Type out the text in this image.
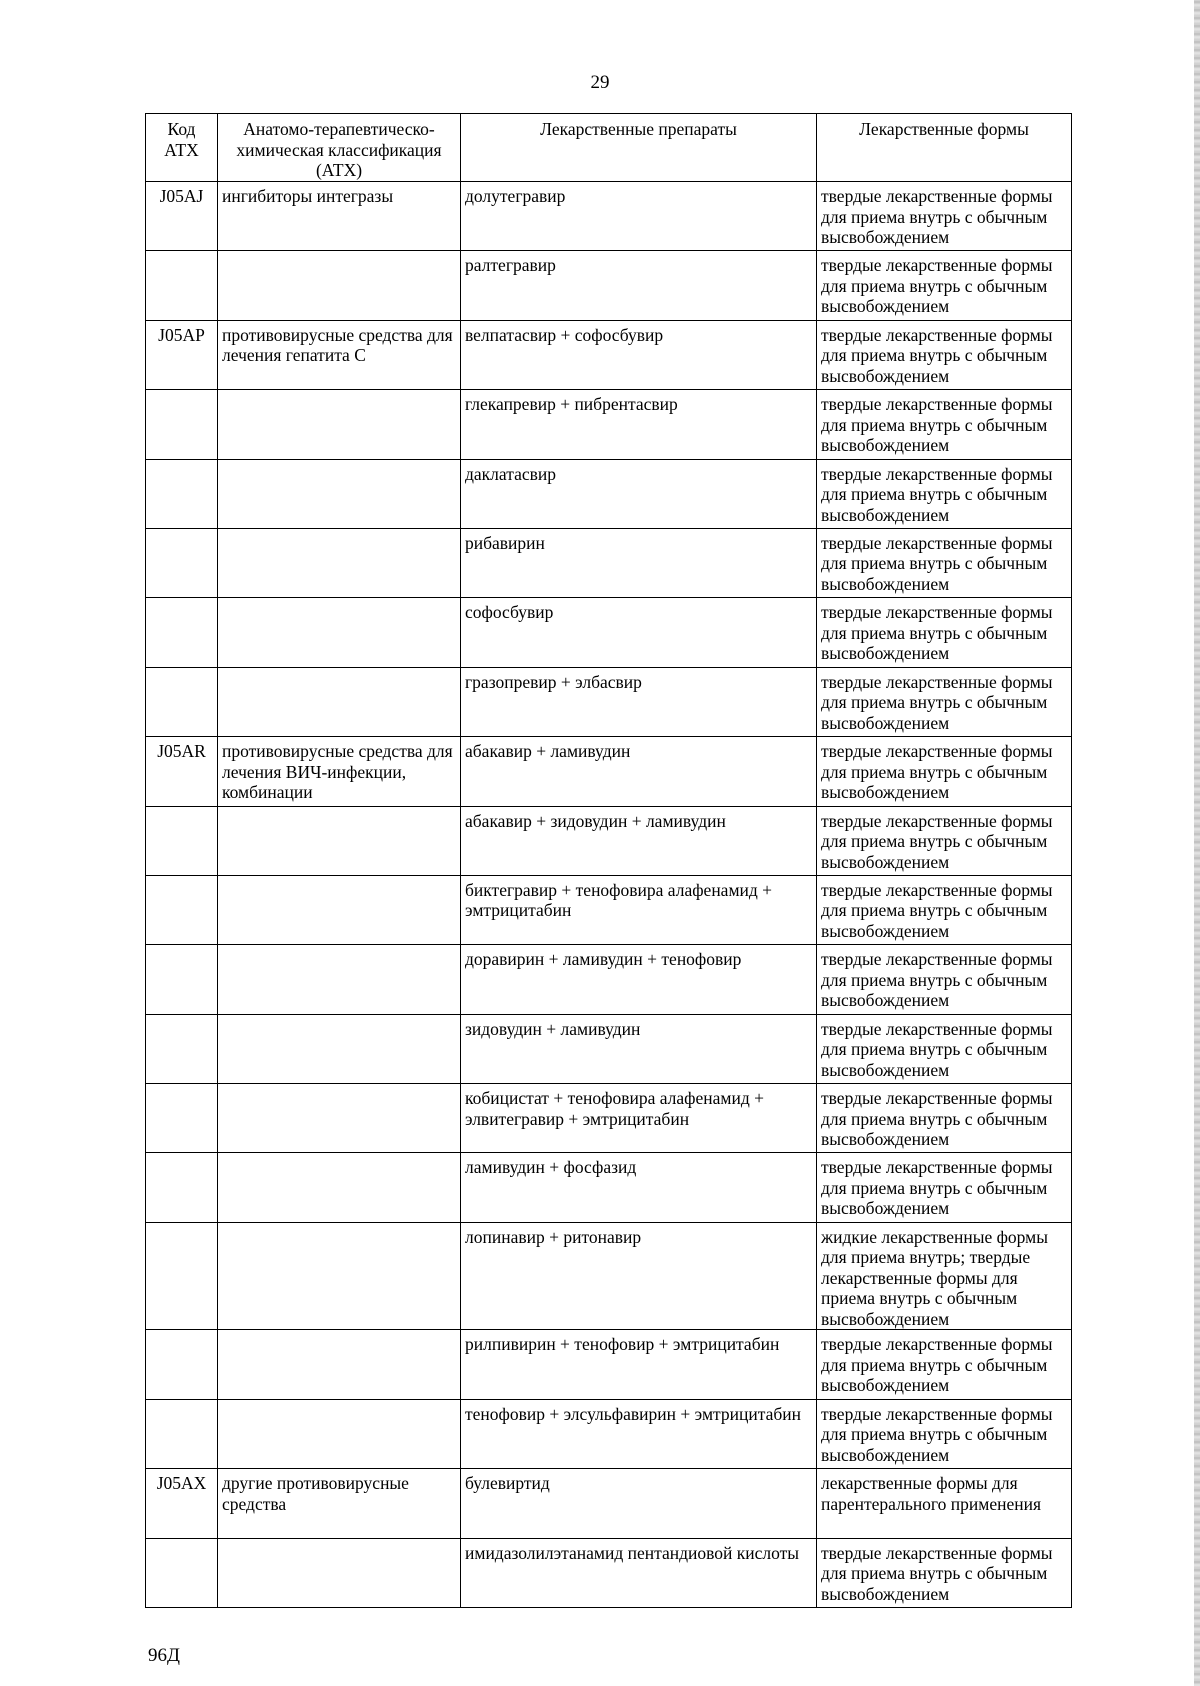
29
Код АТХ	Анатомо-терапевтическо-химическая классификация (АТХ)	Лекарственные препараты	Лекарственные формы
J05AJ	ингибиторы интегразы	долутегравир	твердые лекарственные формы для приема внутрь с обычным высвобождением
		ралтегравир	твердые лекарственные формы для приема внутрь с обычным высвобождением
J05AP	противовирусные средства для лечения гепатита С	велпатасвир + софосбувир	твердые лекарственные формы для приема внутрь с обычным высвобождением
		глекапревир + пибрентасвир	твердые лекарственные формы для приема внутрь с обычным высвобождением
		даклатасвир	твердые лекарственные формы для приема внутрь с обычным высвобождением
		рибавирин	твердые лекарственные формы для приема внутрь с обычным высвобождением
		софосбувир	твердые лекарственные формы для приема внутрь с обычным высвобождением
		гразопревир + элбасвир	твердые лекарственные формы для приема внутрь с обычным высвобождением
J05AR	противовирусные средства для лечения ВИЧ-инфекции, комбинации	абакавир + ламивудин	твердые лекарственные формы для приема внутрь с обычным высвобождением
		абакавир + зидовудин + ламивудин	твердые лекарственные формы для приема внутрь с обычным высвобождением
		биктегравир + тенофовира алафенамид + эмтрицитабин	твердые лекарственные формы для приема внутрь с обычным высвобождением
		доравирин + ламивудин + тенофовир	твердые лекарственные формы для приема внутрь с обычным высвобождением
		зидовудин + ламивудин	твердые лекарственные формы для приема внутрь с обычным высвобождением
		кобицистат + тенофовира алафенамид + элвитегравир + эмтрицитабин	твердые лекарственные формы для приема внутрь с обычным высвобождением
		ламивудин + фосфазид	твердые лекарственные формы для приема внутрь с обычным высвобождением
		лопинавир + ритонавир	жидкие лекарственные формы для приема внутрь; твердые лекарственные формы для приема внутрь с обычным высвобождением
		рилпивирин + тенофовир + эмтрицитабин	твердые лекарственные формы для приема внутрь с обычным высвобождением
		тенофовир + элсульфавирин + эмтрицитабин	твердые лекарственные формы для приема внутрь с обычным высвобождением
J05AX	другие противовирусные средства	булевиртид	лекарственные формы для парентерального применения
		имидазолилэтанамид пентандиовой кислоты	твердые лекарственные формы для приема внутрь с обычным высвобождением
96Д
